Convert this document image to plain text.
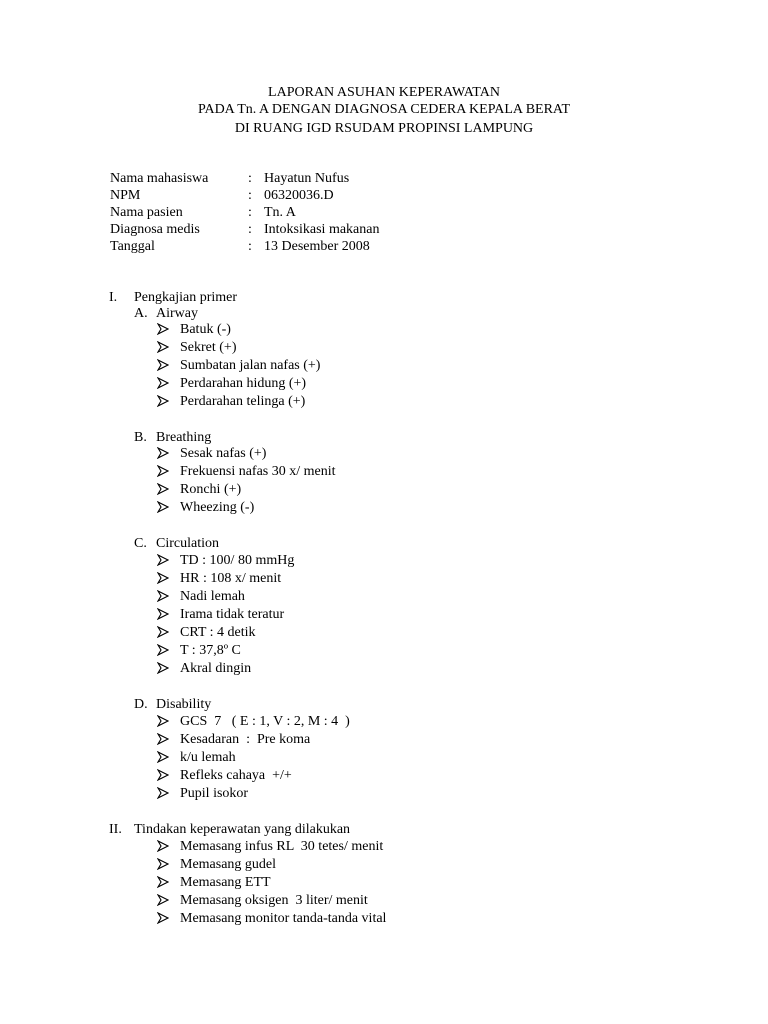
LAPORAN ASUHAN KEPERAWATAN
PADA Tn. A DENGAN DIAGNOSA CEDERA KEPALA BERAT
DI RUANG IGD RSUDAM PROPINSI LAMPUNG
Nama mahasiswa	: Hayatun Nufus
NPM	: 06320036.D
Nama pasien	: Tn. A
Diagnosa medis	: Intoksikasi makanan
Tanggal	: 13 Desember 2008
I. Pengkajian primer
A. Airway
Batuk (-)
Sekret (+)
Sumbatan jalan nafas (+)
Perdarahan hidung (+)
Perdarahan telinga (+)
B. Breathing
Sesak nafas (+)
Frekuensi nafas 30 x/ menit
Ronchi (+)
Wheezing (-)
C. Circulation
TD : 100/ 80 mmHg
HR : 108 x/ menit
Nadi lemah
Irama tidak teratur
CRT : 4 detik
T : 37,8º C
Akral dingin
D. Disability
GCS  7   ( E : 1, V : 2, M : 4  )
Kesadaran  :  Pre koma
k/u lemah
Refleks cahaya  +/+
Pupil isokor
II. Tindakan keperawatan yang dilakukan
Memasang infus RL  30 tetes/ menit
Memasang gudel
Memasang ETT
Memasang oksigen  3 liter/ menit
Memasang monitor tanda-tanda vital
